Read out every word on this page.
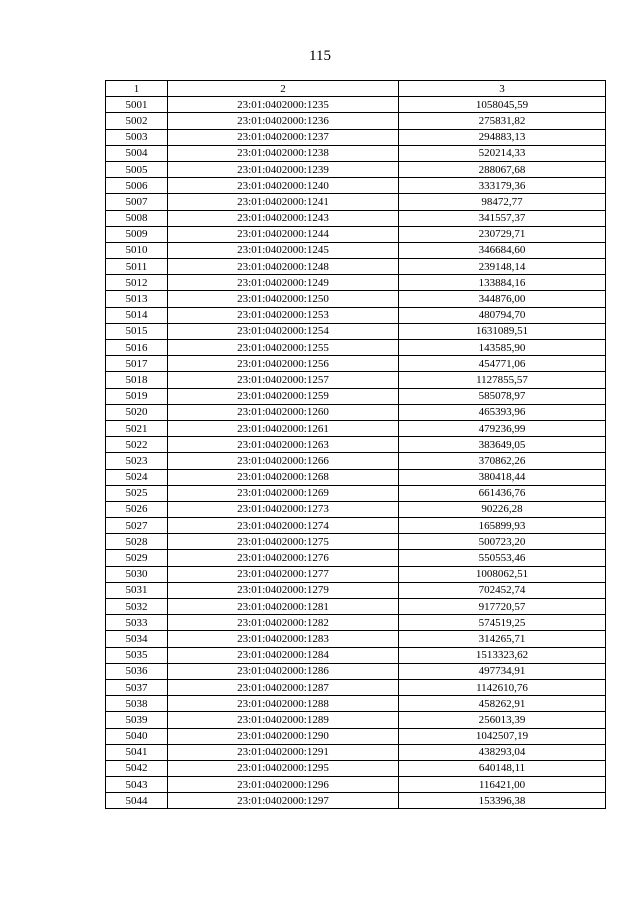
115
1	2	3
5001	23:01:0402000:1235	1058045,59
5002	23:01:0402000:1236	275831,82
5003	23:01:0402000:1237	294883,13
5004	23:01:0402000:1238	520214,33
5005	23:01:0402000:1239	288067,68
5006	23:01:0402000:1240	333179,36
5007	23:01:0402000:1241	98472,77
5008	23:01:0402000:1243	341557,37
5009	23:01:0402000:1244	230729,71
5010	23:01:0402000:1245	346684,60
5011	23:01:0402000:1248	239148,14
5012	23:01:0402000:1249	133884,16
5013	23:01:0402000:1250	344876,00
5014	23:01:0402000:1253	480794,70
5015	23:01:0402000:1254	1631089,51
5016	23:01:0402000:1255	143585,90
5017	23:01:0402000:1256	454771,06
5018	23:01:0402000:1257	1127855,57
5019	23:01:0402000:1259	585078,97
5020	23:01:0402000:1260	465393,96
5021	23:01:0402000:1261	479236,99
5022	23:01:0402000:1263	383649,05
5023	23:01:0402000:1266	370862,26
5024	23:01:0402000:1268	380418,44
5025	23:01:0402000:1269	661436,76
5026	23:01:0402000:1273	90226,28
5027	23:01:0402000:1274	165899,93
5028	23:01:0402000:1275	500723,20
5029	23:01:0402000:1276	550553,46
5030	23:01:0402000:1277	1008062,51
5031	23:01:0402000:1279	702452,74
5032	23:01:0402000:1281	917720,57
5033	23:01:0402000:1282	574519,25
5034	23:01:0402000:1283	314265,71
5035	23:01:0402000:1284	1513323,62
5036	23:01:0402000:1286	497734,91
5037	23:01:0402000:1287	1142610,76
5038	23:01:0402000:1288	458262,91
5039	23:01:0402000:1289	256013,39
5040	23:01:0402000:1290	1042507,19
5041	23:01:0402000:1291	438293,04
5042	23:01:0402000:1295	640148,11
5043	23:01:0402000:1296	116421,00
5044	23:01:0402000:1297	153396,38
